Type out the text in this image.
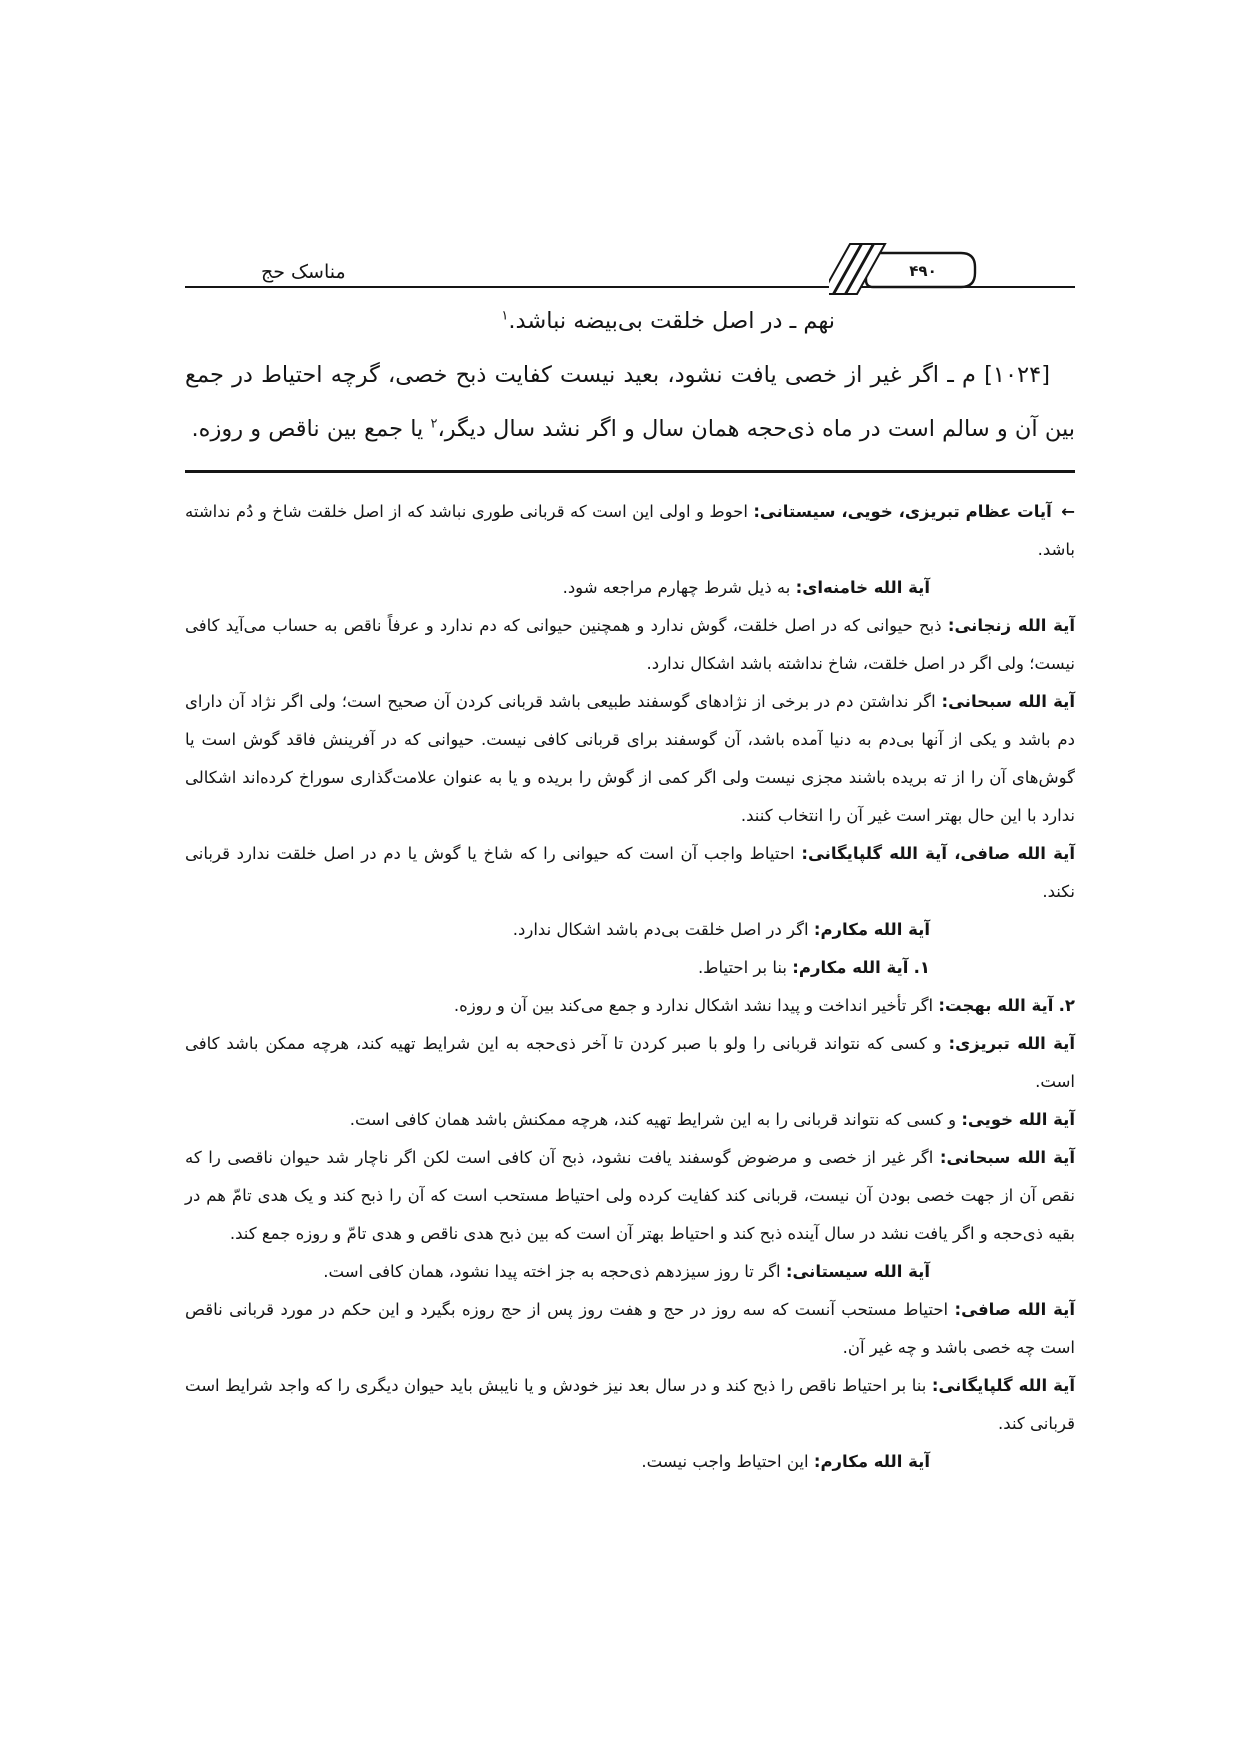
مناسک حج	۴۹۰

نهم ـ در اصل خلقت بی‌بیضه نباشد.$^۱$

[۱۰۲۴] م ـ اگر غیر از خصی یافت نشود، بعید نیست کفایت ذبح خصی، گرچه احتیاط در جمع بین آن و سالم است در ماه ذی‌حجه همان سال و اگر نشد سال دیگر،$^۲$ یا جمع بین ناقص و روزه.

← آیات عظام تبریزی، خویی، سیستانی: احوط و اولی این است که قربانی طوری نباشد که از اصل خلقت شاخ و دُم نداشته باشد.

آیة الله خامنه‌ای: به ذیل شرط چهارم مراجعه شود.

آیة الله زنجانی: ذبح حیوانی که در اصل خلقت، گوش ندارد و همچنین حیوانی که دم ندارد و عرفاً ناقص به حساب می‌آید کافی نیست؛ ولی اگر در اصل خلقت، شاخ نداشته باشد اشکال ندارد.

آیة الله سبحانی: اگر نداشتن دم در برخی از نژادهای گوسفند طبیعی باشد قربانی کردن آن صحیح است؛ ولی اگر نژاد آن دارای دم باشد و یکی از آنها بی‌دم به دنیا آمده باشد، آن گوسفند برای قربانی کافی نیست. حیوانی که در آفرینش فاقد گوش است یا گوش‌های آن را از ته بریده باشند مجزی نیست ولی اگر کمی از گوش را بریده و یا به عنوان علامت‌گذاری سوراخ کرده‌اند اشکالی ندارد با این حال بهتر است غیر آن را انتخاب کنند.

آیة الله صافی، آیة الله گلپایگانی: احتیاط واجب آن است که حیوانی را که شاخ یا گوش یا دم در اصل خلقت ندارد قربانی نکند.

آیة الله مکارم: اگر در اصل خلقت بی‌دم باشد اشکال ندارد.

۱. آیة الله مکارم: بنا بر احتیاط.

۲. آیة الله بهجت: اگر تأخیر انداخت و پیدا نشد اشکال ندارد و جمع می‌کند بین آن و روزه.

آیة الله تبریزی: و کسی که نتواند قربانی را ولو با صبر کردن تا آخر ذی‌حجه به این شرایط تهیه کند، هرچه ممکن باشد کافی است.

آیة الله خویی: و کسی که نتواند قربانی را به این شرایط تهیه کند، هرچه ممکنش باشد همان کافی است.

آیة الله سبحانی: اگر غیر از خصی و مرضوض گوسفند یافت نشود، ذبح آن کافی است لکن اگر ناچار شد حیوان ناقصی را که نقص آن از جهت خصی بودن آن نیست، قربانی کند کفایت کرده ولی احتیاط مستحب است که آن را ذبح کند و یک هدی تامّ هم در بقیه ذی‌حجه و اگر یافت نشد در سال آینده ذبح کند و احتیاط بهتر آن است که بین ذبح هدی ناقص و هدی تامّ و روزه جمع کند.

آیة الله سیستانی: اگر تا روز سیزدهم ذی‌حجه به جز اخته پیدا نشود، همان کافی است.

آیة الله صافی: احتیاط مستحب آنست که سه روز در حج و هفت روز پس از حج روزه بگیرد و این حکم در مورد قربانی ناقص است چه خصی باشد و چه غیر آن.

آیة الله گلپایگانی: بنا بر احتیاط ناقص را ذبح کند و در سال بعد نیز خودش و یا نایبش باید حیوان دیگری را که واجد شرایط است قربانی کند.

آیة الله مکارم: این احتیاط واجب نیست.
